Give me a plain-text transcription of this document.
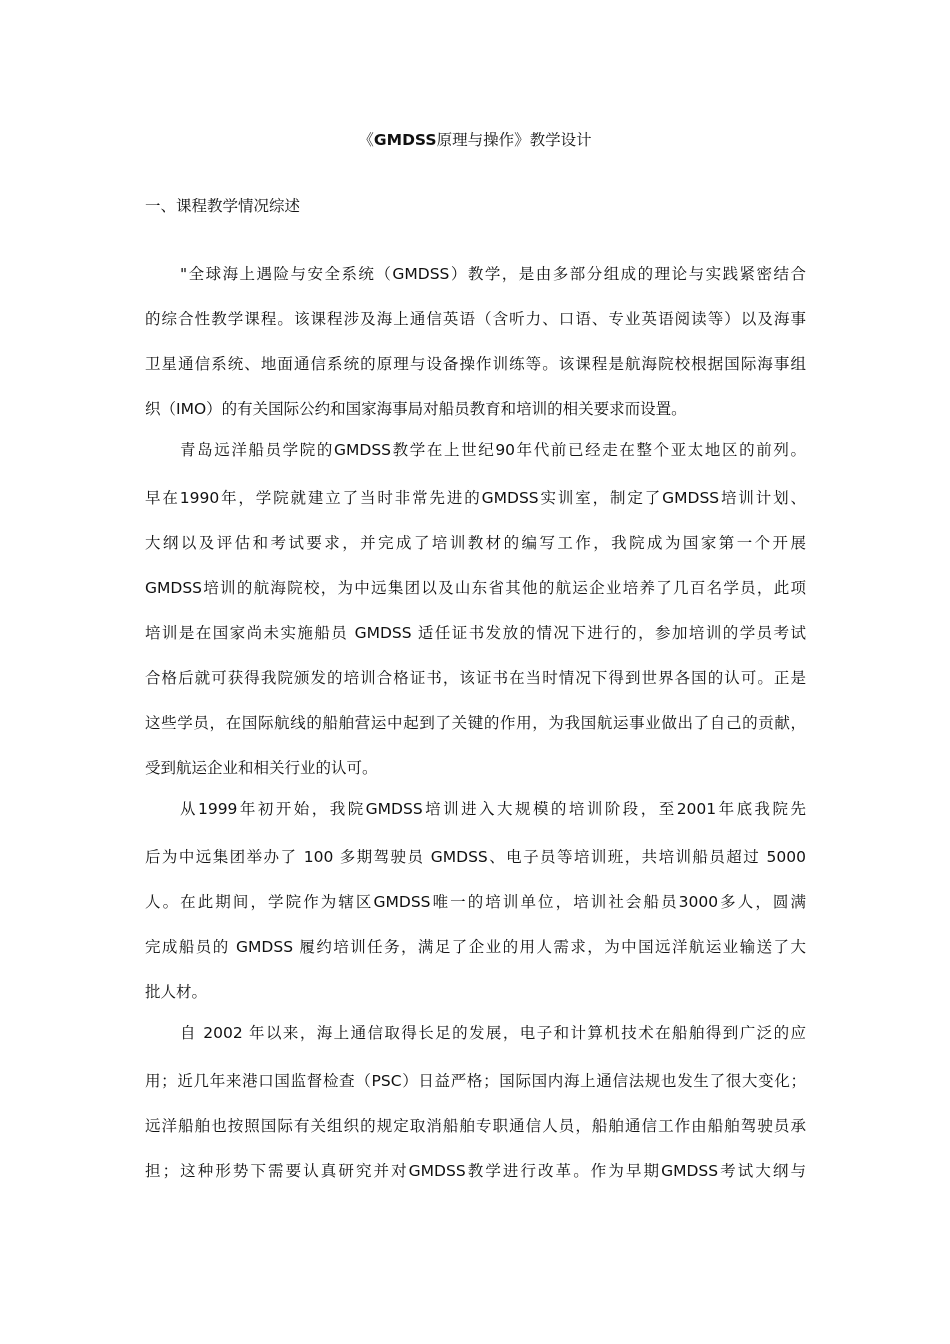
《GMDSS原理与操作》教学设计
一、课程教学情况综述
"全球海上遇险与安全系统（GMDSS）教学，是由多部分组成的理论与实践紧密结合
的综合性教学课程。该课程涉及海上通信英语（含听力、口语、专业英语阅读等）以及海事
卫星通信系统、地面通信系统的原理与设备操作训练等。该课程是航海院校根据国际海事组
织（IMO）的有关国际公约和国家海事局对船员教育和培训的相关要求而设置。
青岛远洋船员学院的GMDSS教学在上世纪90年代前已经走在整个亚太地区的前列。
早在1990年，学院就建立了当时非常先进的GMDSS实训室，制定了GMDSS培训计划、
大纲以及评估和考试要求，并完成了培训教材的编写工作，我院成为国家第一个开展
GMDSS培训的航海院校，为中远集团以及山东省其他的航运企业培养了几百名学员，此项
培训是在国家尚未实施船员 GMDSS 适任证书发放的情况下进行的，参加培训的学员考试
合格后就可获得我院颁发的培训合格证书，该证书在当时情况下得到世界各国的认可。正是
这些学员，在国际航线的船舶营运中起到了关键的作用，为我国航运事业做出了自己的贡献，
受到航运企业和相关行业的认可。
从1999年初开始，我院GMDSS培训进入大规模的培训阶段，至2001年底我院先
后为中远集团举办了 100 多期驾驶员 GMDSS、电子员等培训班，共培训船员超过 5000
人。在此期间，学院作为辖区GMDSS唯一的培训单位，培训社会船员3000多人，圆满
完成船员的 GMDSS 履约培训任务，满足了企业的用人需求，为中国远洋航运业输送了大
批人材。
自 2002 年以来，海上通信取得长足的发展，电子和计算机技术在船舶得到广泛的应
用；近几年来港口国监督检查（PSC）日益严格；国际国内海上通信法规也发生了很大变化；
远洋船舶也按照国际有关组织的规定取消船舶专职通信人员，船舶通信工作由船舶驾驶员承
担；这种形势下需要认真研究并对GMDSS教学进行改革。作为早期GMDSS考试大纲与
